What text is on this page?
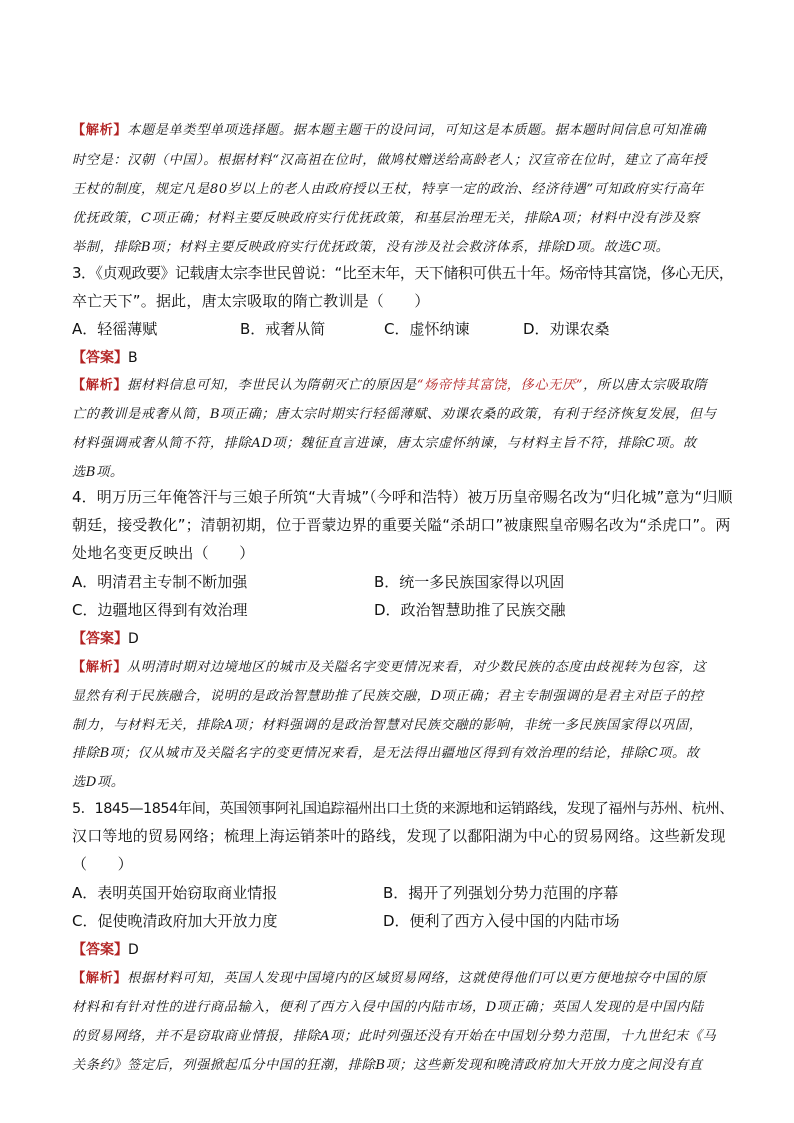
【解析】本题是单类型单项选择题。据本题主题干的设问词，可知这是本质题。据本题时间信息可知准确
时空是：汉朝（中国）。根据材料“汉高祖在位时，做鸠杖赠送给高龄老人；汉宣帝在位时，建立了高年授
王杖的制度，规定凡是80岁以上的老人由政府授以王杖，特享一定的政治、经济待遇”可知政府实行高年
优抚政策，C项正确；材料主要反映政府实行优抚政策，和基层治理无关，排除A项；材料中没有涉及察
举制，排除B项；材料主要反映政府实行优抚政策，没有涉及社会救济体系，排除D项。故选C项。
3．《贞观政要》记载唐太宗李世民曾说：“比至末年，天下储积可供五十年。炀帝恃其富饶，侈心无厌，
卒亡天下”。据此，唐太宗吸取的隋亡教训是（　　）
A．轻徭薄赋	B．戒奢从简	C．虚怀纳谏	D．劝课农桑
【答案】B
【解析】据材料信息可知，李世民认为隋朝灭亡的原因是“炀帝恃其富饶，侈心无厌”，所以唐太宗吸取隋
亡的教训是戒奢从简，B项正确；唐太宗时期实行轻徭薄赋、劝课农桑的政策，有利于经济恢复发展，但与
材料强调戒奢从简不符，排除AD项；魏征直言进谏，唐太宗虚怀纳谏，与材料主旨不符，排除C项。故
选B项。
4．明万历三年俺答汗与三娘子所筑“大青城”（今呼和浩特）被万历皇帝赐名改为“归化城”意为“归顺
朝廷，接受教化”；清朝初期，位于晋蒙边界的重要关隘“杀胡口”被康熙皇帝赐名改为“杀虎口”。两
处地名变更反映出（　　）
A．明清君主专制不断加强	B．统一多民族国家得以巩固
C．边疆地区得到有效治理	D．政治智慧助推了民族交融
【答案】D
【解析】从明清时期对边境地区的城市及关隘名字变更情况来看，对少数民族的态度由歧视转为包容，这
显然有利于民族融合，说明的是政治智慧助推了民族交融，D项正确；君主专制强调的是君主对臣子的控
制力，与材料无关，排除A项；材料强调的是政治智慧对民族交融的影响，非统一多民族国家得以巩固，
排除B项；仅从城市及关隘名字的变更情况来看，是无法得出疆地区得到有效治理的结论，排除C项。故
选D项。
5．1845—1854年间，英国领事阿礼国追踪福州出口土货的来源地和运销路线，发现了福州与苏州、杭州、
汉口等地的贸易网络；梳理上海运销茶叶的路线，发现了以鄱阳湖为中心的贸易网络。这些新发现
（　　）
A．表明英国开始窃取商业情报	B．揭开了列强划分势力范围的序幕
C．促使晚清政府加大开放力度	D．便利了西方入侵中国的内陆市场
【答案】D
【解析】根据材料可知，英国人发现中国境内的区域贸易网络，这就使得他们可以更方便地掠夺中国的原
材料和有针对性的进行商品输入，便利了西方入侵中国的内陆市场，D项正确；英国人发现的是中国内陆
的贸易网络，并不是窃取商业情报，排除A项；此时列强还没有开始在中国划分势力范围，十九世纪末《马
关条约》签定后，列强掀起瓜分中国的狂潮，排除B项；这些新发现和晚清政府加大开放力度之间没有直
